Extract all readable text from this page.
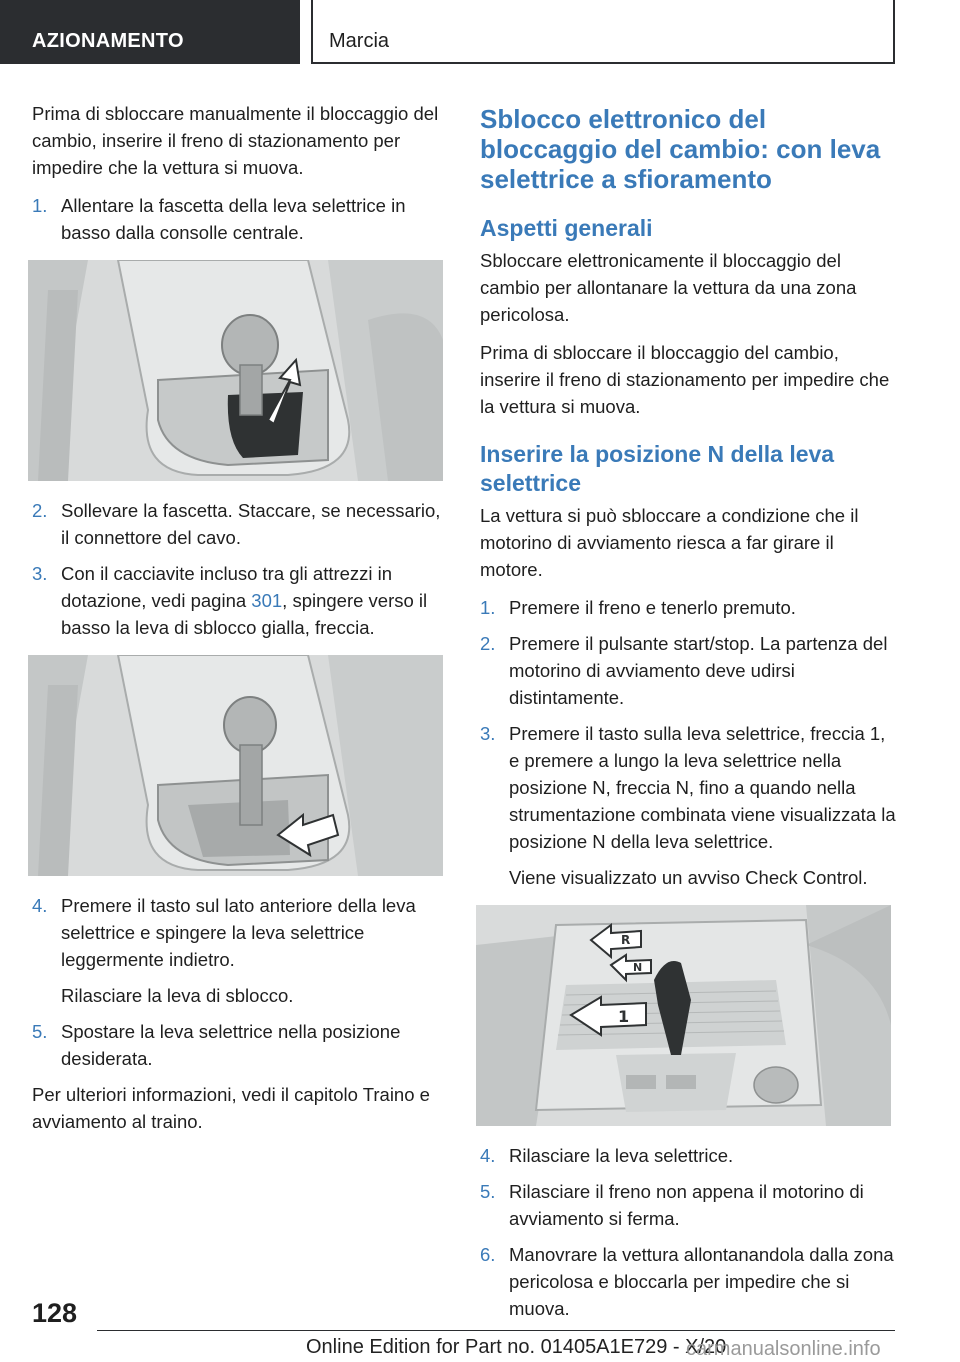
AZIONAMENTO	Marcia

Prima di sbloccare manualmente il bloccaggio del cambio, inserire il freno di stazionamento per impedire che la vettura si muova.

1. Allentare la fascetta della leva selettrice in basso dalla consolle centrale.
2. Sollevare la fascetta. Staccare, se necessario, il connettore del cavo.
3. Con il cacciavite incluso tra gli attrezzi in dotazione, vedi pagina 301, spingere verso il basso la leva di sblocco gialla, freccia.
4. Premere il tasto sul lato anteriore della leva selettrice e spingere la leva selettrice leggermente indietro.
Rilasciare la leva di sblocco.
5. Spostare la leva selettrice nella posizione desiderata.

Per ulteriori informazioni, vedi il capitolo Traino e avviamento al traino.

Sblocco elettronico del bloccaggio del cambio: con leva selettrice a sfioramento
Aspetti generali

Sbloccare elettronicamente il bloccaggio del cambio per allontanare la vettura da una zona pericolosa.

Prima di sbloccare il bloccaggio del cambio, inserire il freno di stazionamento per impedire che la vettura si muova.

Inserire la posizione N della leva selettrice

La vettura si può sbloccare a condizione che il motorino di avviamento riesca a far girare il motore.

1. Premere il freno e tenerlo premuto.
2. Premere il pulsante start/stop. La partenza del motorino di avviamento deve udirsi distintamente.
3. Premere il tasto sulla leva selettrice, freccia 1, e premere a lungo la leva selettrice nella posizione N, freccia N, fino a quando nella strumentazione combinata viene visualizzata la posizione N della leva selettrice.
Viene visualizzato un avviso Check Control.
R
N
1
4. Rilasciare la leva selettrice.
5. Rilasciare il freno non appena il motorino di avviamento si ferma.
6. Manovrare la vettura allontanandola dalla zona pericolosa e bloccarla per impedire che si muova.
128
Online Edition for Part no. 01405A1E729 - X/20
carmanualsonline.info
